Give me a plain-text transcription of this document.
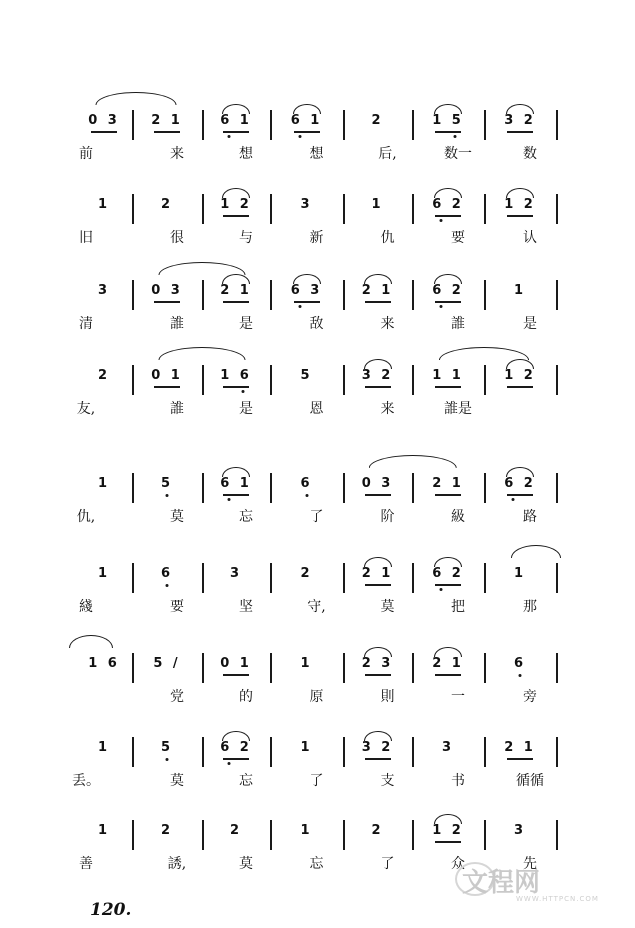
0 3
前
2 1
来
6 1
想
6 1
想
2
后,
1 5
数一
3 2
数
1
旧
2
很
1 2
与
3
新
1
仇
6 2
要
1 2
认
3
清
0 3
誰
2 1
是
6 3
敌
2 1
来
6 2
誰
1
是
2
友,
0 1
誰
1 6
是
5
恩
3 2
来
1 1
誰是
1 2
1
仇,
5
莫
6 1
忘
6
了
0 3
阶
2 1
級
6 2
路
1
綫
6
要
3
坚
2
守,
2 1
莫
6 2
把
1
那
1 6	5 /
党
0 1
的
1
原
2 3
則
2 1
一
6
旁
1
丢。
5
莫
6 2
忘
1
了
3 2
支
3
书
2 1
循循
1
善
2
誘,
2
莫
1
忘
2
了
1 2
众
3
先
120.
文程网
WWW.HTTPCN.COM
